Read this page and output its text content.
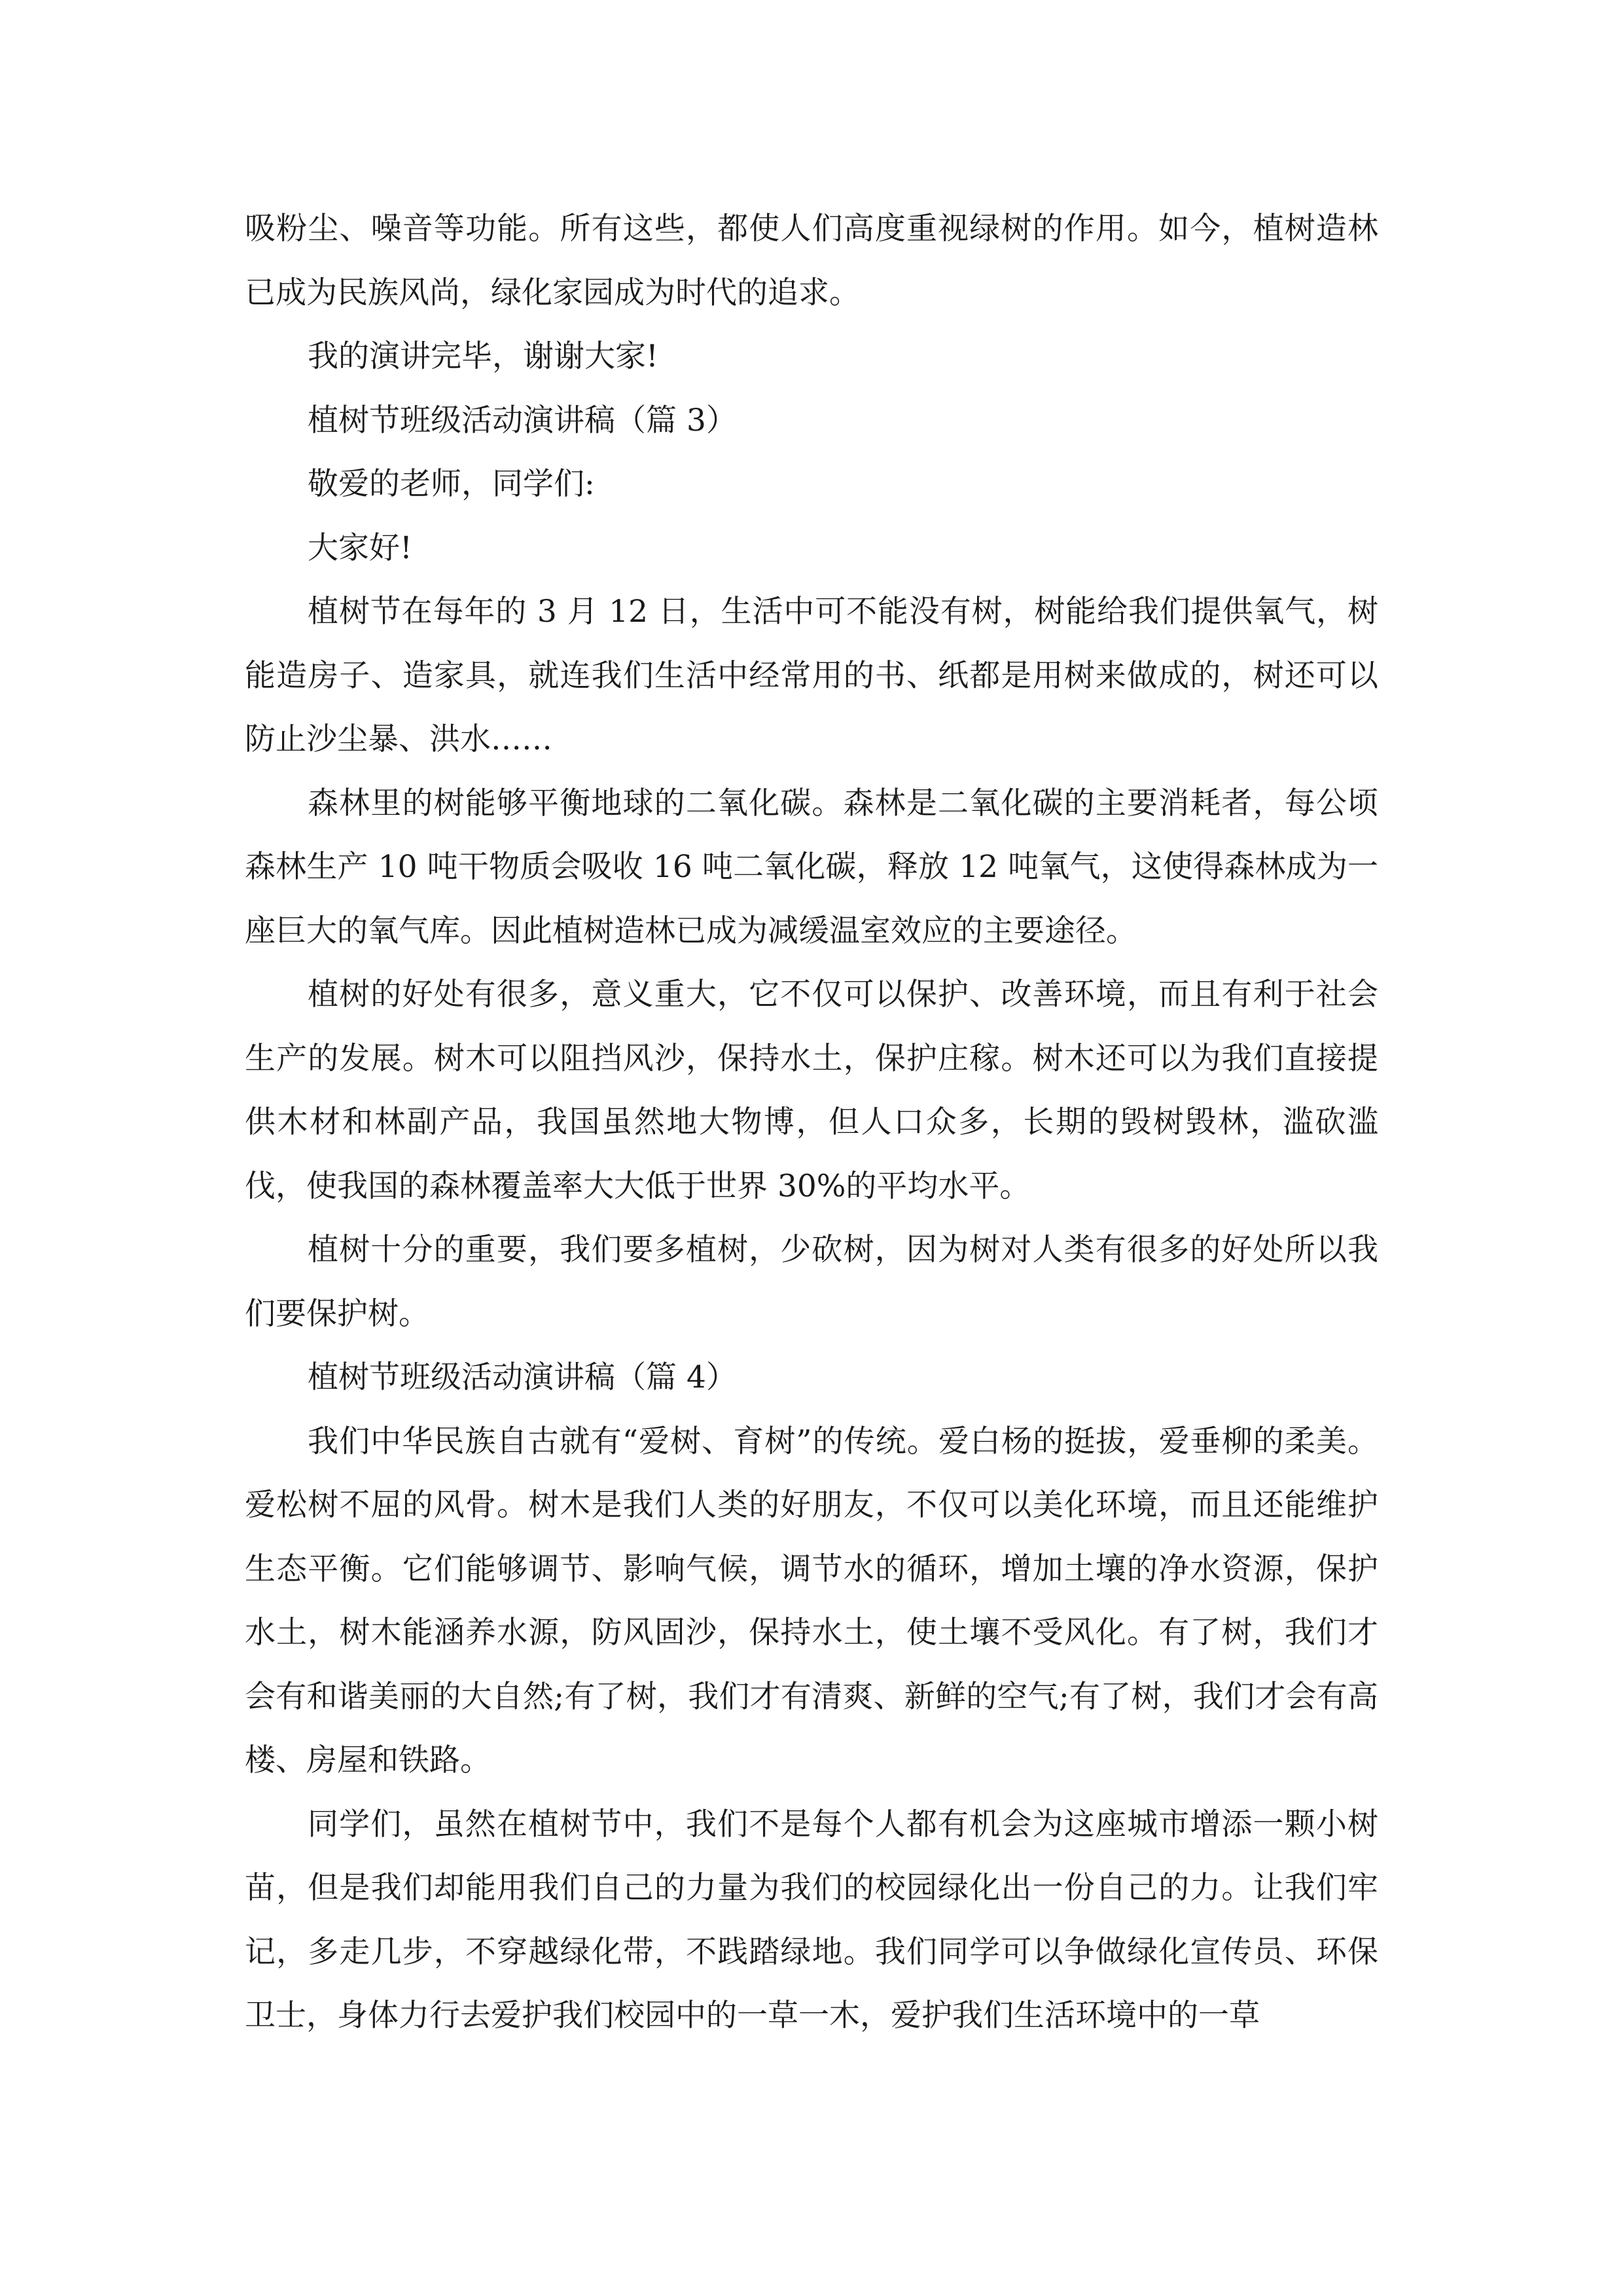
吸粉尘、噪音等功能。所有这些，都使人们高度重视绿树的作用。如今，植树造林已成为民族风尚，绿化家园成为时代的追求。

我的演讲完毕，谢谢大家!

植树节班级活动演讲稿（篇 3）

敬爱的老师，同学们:

大家好!

植树节在每年的 3 月 12 日，生活中可不能没有树，树能给我们提供氧气，树能造房子、造家具，就连我们生活中经常用的书、纸都是用树来做成的，树还可以防止沙尘暴、洪水……

森林里的树能够平衡地球的二氧化碳。森林是二氧化碳的主要消耗者，每公顷森林生产 10 吨干物质会吸收 16 吨二氧化碳，释放 12 吨氧气，这使得森林成为一座巨大的氧气库。因此植树造林已成为减缓温室效应的主要途径。

植树的好处有很多，意义重大，它不仅可以保护、改善环境，而且有利于社会生产的发展。树木可以阻挡风沙，保持水土，保护庄稼。树木还可以为我们直接提供木材和林副产品，我国虽然地大物博，但人口众多，长期的毁树毁林，滥砍滥伐，使我国的森林覆盖率大大低于世界 30%的平均水平。

植树十分的重要，我们要多植树，少砍树，因为树对人类有很多的好处所以我们要保护树。

植树节班级活动演讲稿（篇 4）

我们中华民族自古就有“爱树、育树”的传统。爱白杨的挺拔，爱垂柳的柔美。爱松树不屈的风骨。树木是我们人类的好朋友，不仅可以美化环境，而且还能维护生态平衡。它们能够调节、影响气候，调节水的循环，增加土壤的净水资源，保护水土，树木能涵养水源，防风固沙，保持水土，使土壤不受风化。有了树，我们才会有和谐美丽的大自然;有了树，我们才有清爽、新鲜的空气;有了树，我们才会有高楼、房屋和铁路。

同学们，虽然在植树节中，我们不是每个人都有机会为这座城市增添一颗小树苗，但是我们却能用我们自己的力量为我们的校园绿化出一份自己的力。让我们牢记，多走几步，不穿越绿化带，不践踏绿地。我们同学可以争做绿化宣传员、环保卫士，身体力行去爱护我们校园中的一草一木，爱护我们生活环境中的一草
